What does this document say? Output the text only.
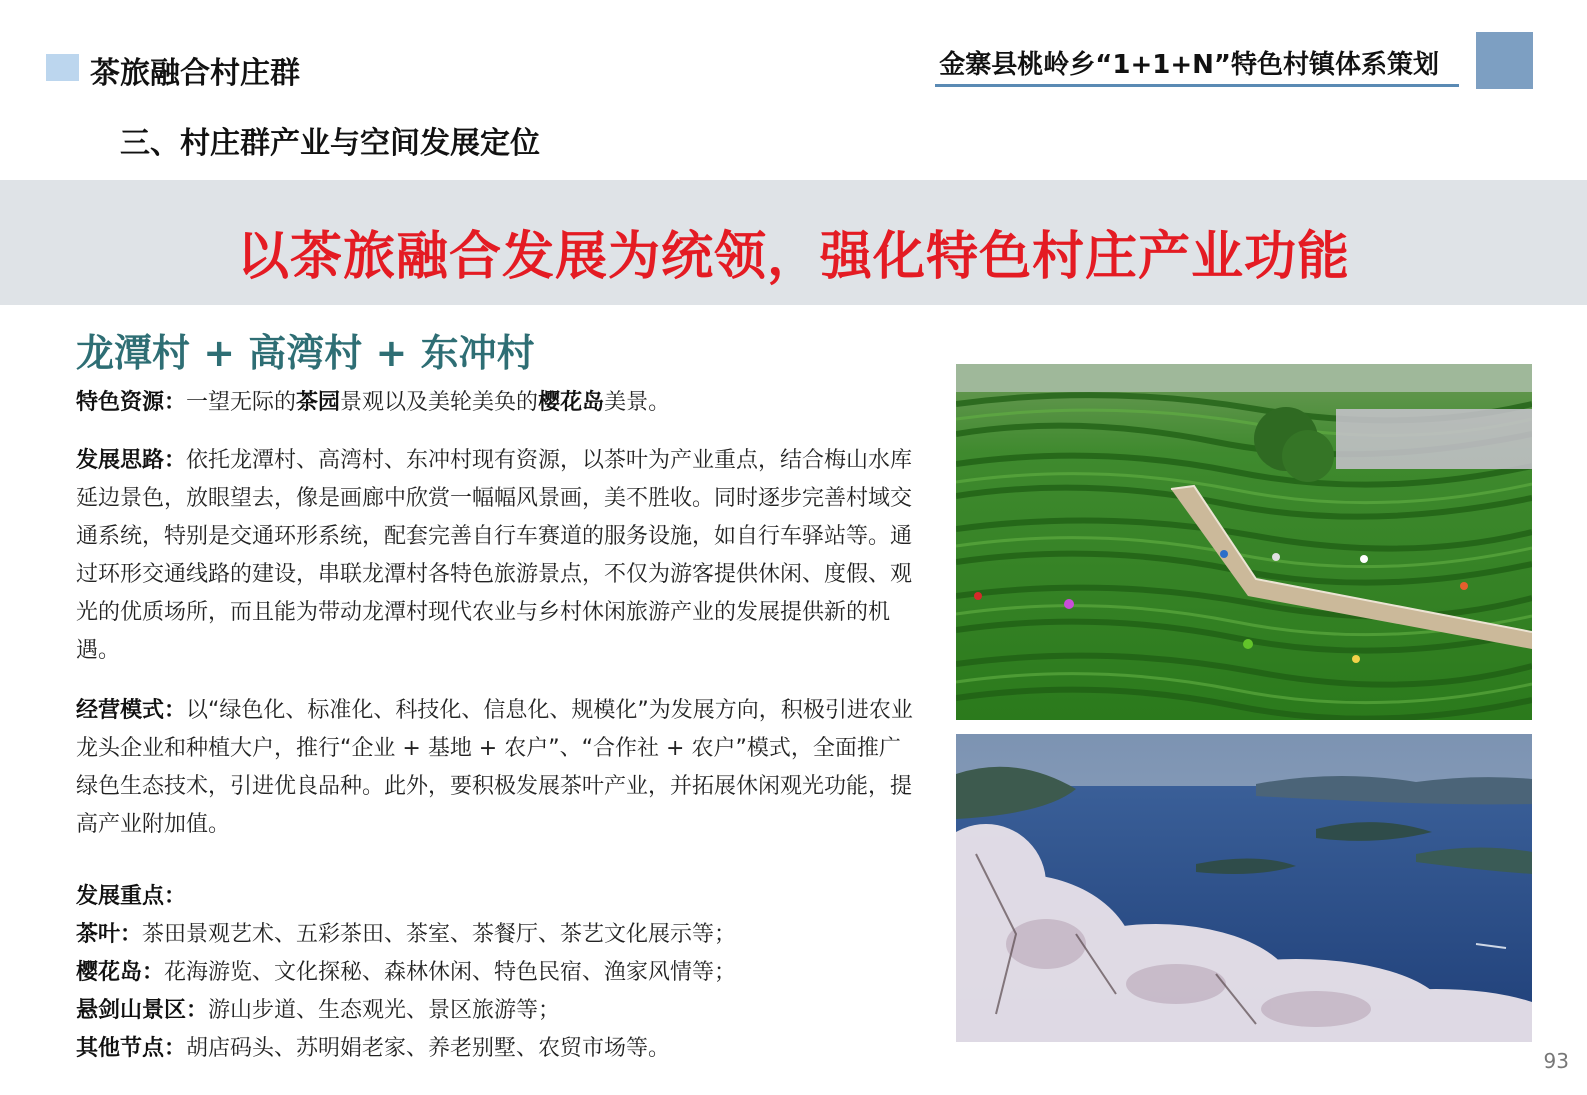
茶旅融合村庄群	金寨县桃岭乡“1+1+N”特色村镇体系策划
三、村庄群产业与空间发展定位
以茶旅融合发展为统领，强化特色村庄产业功能
龙潭村 + 高湾村 + 东冲村

特色资源：一望无际的茶园景观以及美轮美奂的樱花岛美景。

发展思路：依托龙潭村、高湾村、东冲村现有资源，以茶叶为产业重点，结合梅山水库延边景色，放眼望去，像是画廊中欣赏一幅幅风景画，美不胜收。同时逐步完善村域交通系统，特别是交通环形系统，配套完善自行车赛道的服务设施，如自行车驿站等。通过环形交通线路的建设，串联龙潭村各特色旅游景点，不仅为游客提供休闲、度假、观光的优质场所，而且能为带动龙潭村现代农业与乡村休闲旅游产业的发展提供新的机遇。

经营模式：以“绿色化、标准化、科技化、信息化、规模化”为发展方向，积极引进农业龙头企业和种植大户，推行“企业 + 基地 + 农户”、“合作社 + 农户”模式，全面推广绿色生态技术，引进优良品种。此外，要积极发展茶叶产业，并拓展休闲观光功能，提高产业附加值。

发展重点：

茶叶：茶田景观艺术、五彩茶田、茶室、茶餐厅、茶艺文化展示等；

樱花岛：花海游览、文化探秘、森林休闲、特色民宿、渔家风情等；

悬剑山景区：游山步道、生态观光、景区旅游等；

其他节点：胡店码头、苏明娟老家、养老别墅、农贸市场等。	93
